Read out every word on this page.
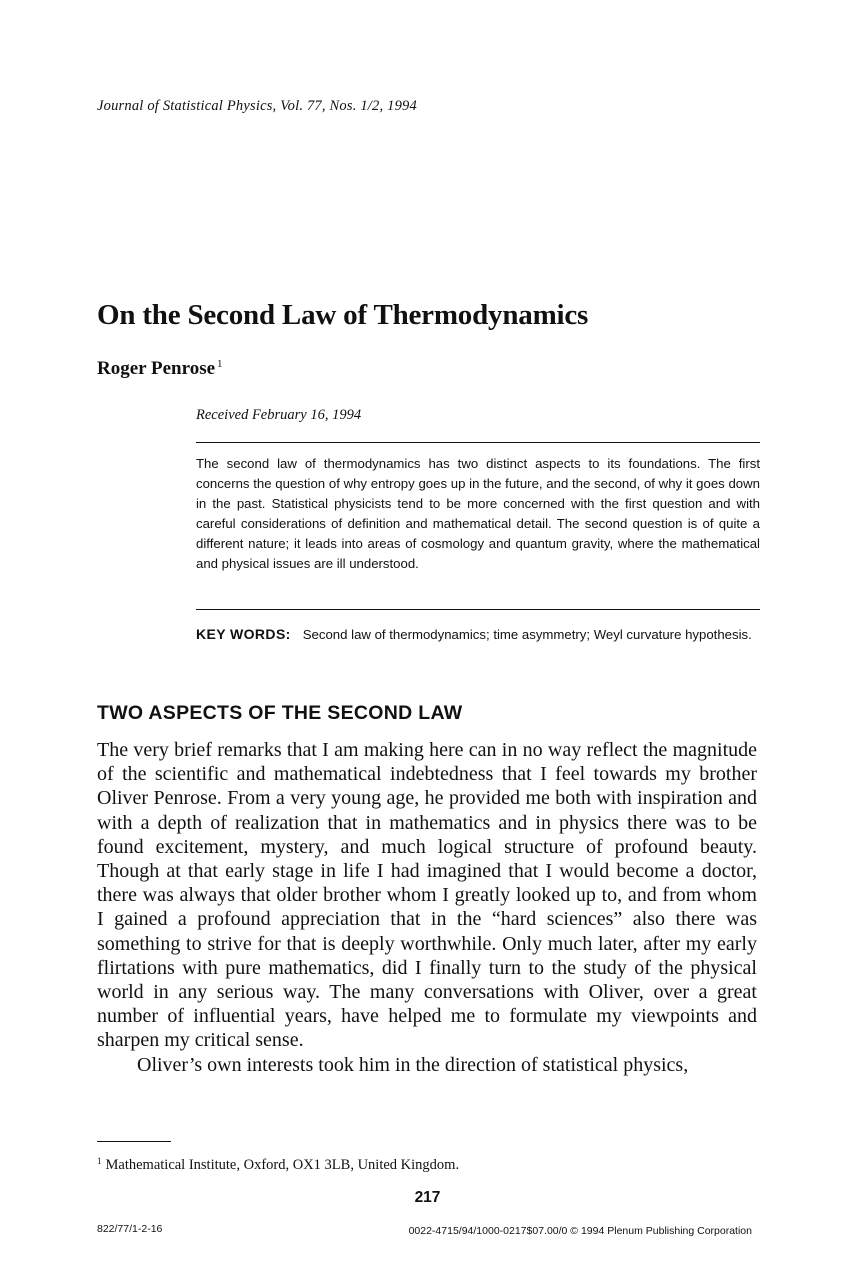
Journal of Statistical Physics, Vol. 77, Nos. 1/2, 1994
On the Second Law of Thermodynamics
Roger Penrose $^1$
Received February 16, 1994
The second law of thermodynamics has two distinct aspects to its foundations. The first concerns the question of why entropy goes up in the future, and the second, of why it goes down in the past. Statistical physicists tend to be more concerned with the first question and with careful considerations of definition and mathematical detail. The second question is of quite a different nature; it leads into areas of cosmology and quantum gravity, where the mathematical and physical issues are ill understood.
KEY WORDS: Second law of thermodynamics; time asymmetry; Weyl curvature hypothesis.
TWO ASPECTS OF THE SECOND LAW

The very brief remarks that I am making here can in no way reflect the magnitude of the scientific and mathematical indebtedness that I feel towards my brother Oliver Penrose. From a very young age, he provided me both with inspiration and with a depth of realization that in mathematics and in physics there was to be found excitement, mystery, and much logical structure of profound beauty. Though at that early stage in life I had imagined that I would become a doctor, there was always that older brother whom I greatly looked up to, and from whom I gained a profound appreciation that in the “hard sciences” also there was something to strive for that is deeply worthwhile. Only much later, after my early flirtations with pure mathematics, did I finally turn to the study of the physical world in any serious way. The many conversations with Oliver, over a great number of influential years, have helped me to formulate my viewpoints and sharpen my critical sense.

Oliver’s own interests took him in the direction of statistical physics,

$^1$ Mathematical Institute, Oxford, OX1 3LB, United Kingdom.
217
822/77/1-2-16	0022-4715/94/1000-0217$07.00/0 © 1994 Plenum Publishing Corporation
